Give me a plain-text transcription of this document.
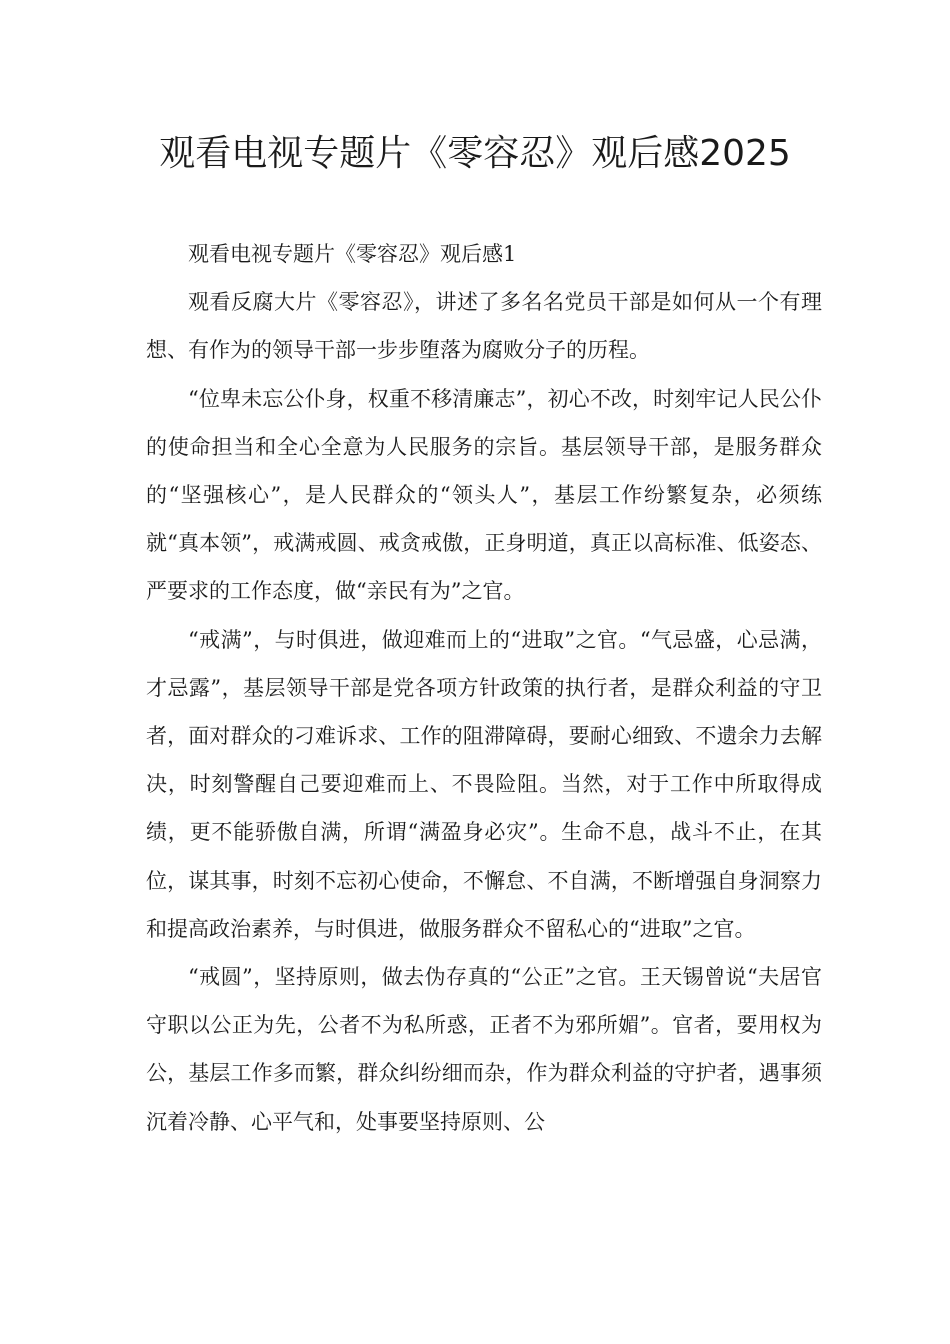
观看电视专题片《零容忍》观后感2025

观看电视专题片《零容忍》观后感1

观看反腐大片《零容忍》，讲述了多名名党员干部是如何从一个有理想、有作为的领导干部一步步堕落为腐败分子的历程。

“位卑未忘公仆身，权重不移清廉志”，初心不改，时刻牢记人民公仆的使命担当和全心全意为人民服务的宗旨。基层领导干部，是服务群众的“坚强核心”，是人民群众的“领头人”，基层工作纷繁复杂，必须练就“真本领”，戒满戒圆、戒贪戒傲，正身明道，真正以高标准、低姿态、严要求的工作态度，做“亲民有为”之官。

“戒满”，与时俱进，做迎难而上的“进取”之官。“气忌盛，心忌满，才忌露”，基层领导干部是党各项方针政策的执行者，是群众利益的守卫者，面对群众的刁难诉求、工作的阻滞障碍，要耐心细致、不遗余力去解决，时刻警醒自己要迎难而上、不畏险阻。当然，对于工作中所取得成绩，更不能骄傲自满，所谓“满盈身必灾”。生命不息，战斗不止，在其位，谋其事，时刻不忘初心使命，不懈怠、不自满，不断增强自身洞察力和提高政治素养，与时俱进，做服务群众不留私心的“进取”之官。

“戒圆”，坚持原则，做去伪存真的“公正”之官。王天锡曾说“夫居官守职以公正为先，公者不为私所惑，正者不为邪所媚”。官者，要用权为公，基层工作多而繁，群众纠纷细而杂，作为群众利益的守护者，遇事须沉着冷静、心平气和，处事要坚持原则、公
